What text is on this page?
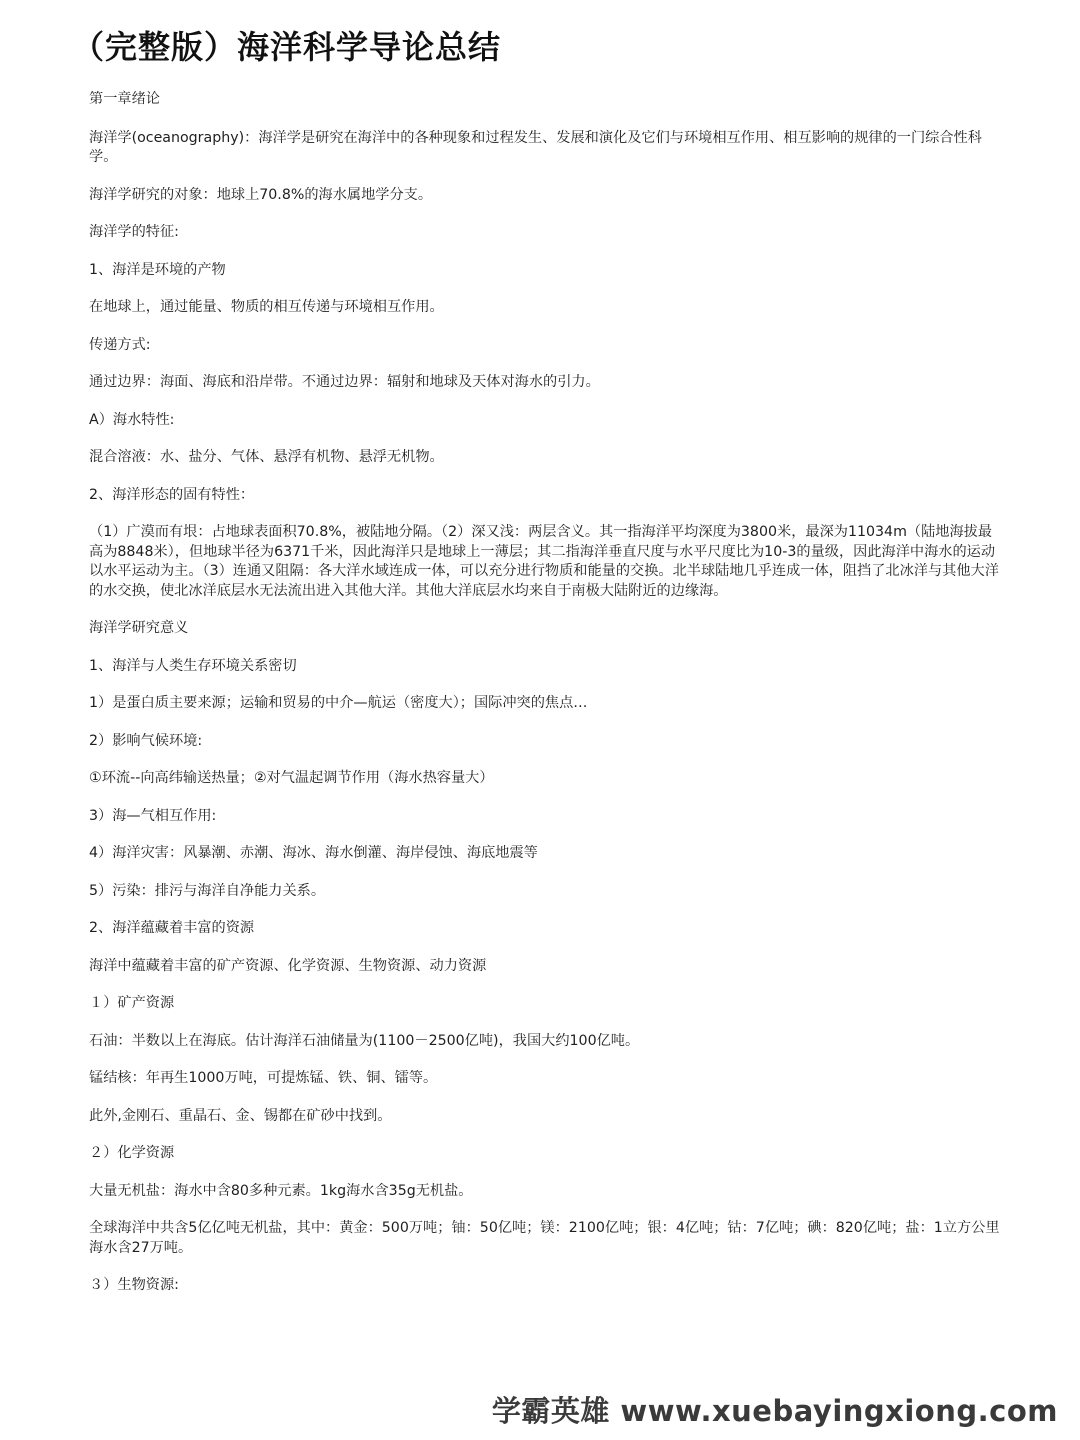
（完整版）海洋科学导论总结

第一章绪论

海洋学(oceanography)：海洋学是研究在海洋中的各种现象和过程发生、发展和演化及它们与环境相互作用、相互影响的规律的一门综合性科学。

海洋学研究的对象：地球上70.8%的海水属地学分支。

海洋学的特征:

1、海洋是环境的产物

在地球上，通过能量、物质的相互传递与环境相互作用。

传递方式:

通过边界：海面、海底和沿岸带。不通过边界：辐射和地球及天体对海水的引力。

A）海水特性:

混合溶液：水、盐分、气体、悬浮有机物、悬浮无机物。

2、海洋形态的固有特性：

（1）广漠而有垠：占地球表面积70.8%，被陆地分隔。（2）深又浅：两层含义。其一指海洋平均深度为3800米，最深为11034m（陆地海拔最高为8848米），但地球半径为6371千米，因此海洋只是地球上一薄层；其二指海洋垂直尺度与水平尺度比为10-3的量级，因此海洋中海水的运动以水平运动为主。（3）连通又阻隔：各大洋水域连成一体，可以充分进行物质和能量的交换。北半球陆地几乎连成一体，阻挡了北冰洋与其他大洋的水交换，使北冰洋底层水无法流出进入其他大洋。其他大洋底层水均来自于南极大陆附近的边缘海。

海洋学研究意义

1、海洋与人类生存环境关系密切

1）是蛋白质主要来源；运输和贸易的中介—航运（密度大）；国际冲突的焦点…

2）影响气候环境:

①环流--向高纬输送热量；②对气温起调节作用（海水热容量大）

3）海—气相互作用:

4）海洋灾害：风暴潮、赤潮、海冰、海水倒灌、海岸侵蚀、海底地震等

5）污染：排污与海洋自净能力关系。

2、海洋蕴藏着丰富的资源

海洋中蕴藏着丰富的矿产资源、化学资源、生物资源、动力资源

１）矿产资源

石油：半数以上在海底。估计海洋石油储量为(1100－2500亿吨)，我国大约100亿吨。

锰结核：年再生1000万吨，可提炼锰、铁、铜、镭等。

此外,金刚石、重晶石、金、锡都在矿砂中找到。

２）化学资源

大量无机盐：海水中含80多种元素。1kg海水含35g无机盐。

全球海洋中共含5亿亿吨无机盐，其中：黄金：500万吨；铀：50亿吨；镁：2100亿吨；银：4亿吨；钴：7亿吨；碘：820亿吨；盐：1立方公里海水含27万吨。

３）生物资源:

学霸英雄 www.xuebayingxiong.com
